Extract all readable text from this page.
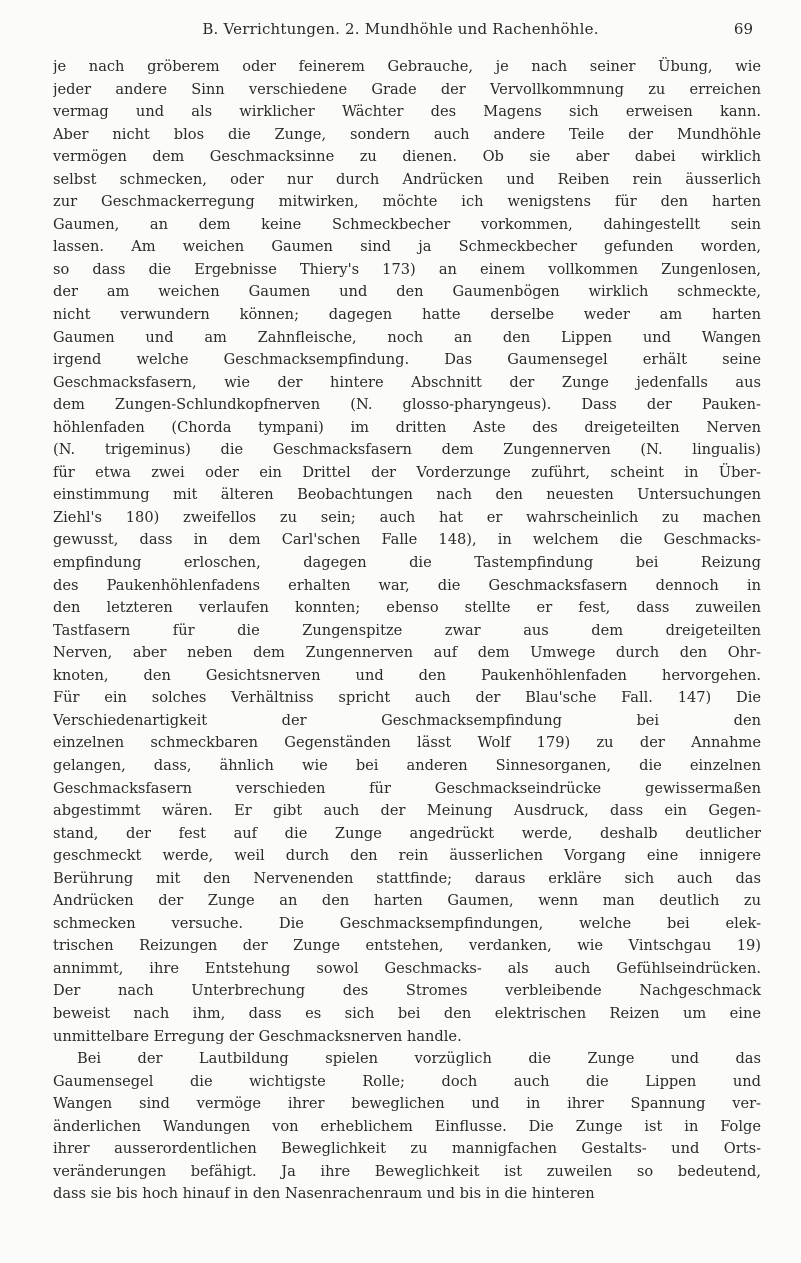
B. Verrichtungen. 2. Mundhöhle und Rachenhöhle.	69
je nach gröberem oder feinerem Gebrauche, je nach seiner Übung, wie
jeder andere Sinn verschiedene Grade der Vervollkommnung zu erreichen
vermag und als wirklicher Wächter des Magens sich erweisen kann.
Aber nicht blos die Zunge, sondern auch andere Teile der Mundhöhle
vermögen dem Geschmacksinne zu dienen. Ob sie aber dabei wirklich
selbst schmecken, oder nur durch Andrücken und Reiben rein äusserlich
zur Geschmackerregung mitwirken, möchte ich wenigstens für den harten
Gaumen, an dem keine Schmeckbecher vorkommen, dahingestellt sein
lassen. Am weichen Gaumen sind ja Schmeckbecher gefunden worden,
so dass die Ergebnisse Thiery's 173) an einem vollkommen Zungenlosen,
der am weichen Gaumen und den Gaumenbögen wirklich schmeckte,
nicht verwundern können; dagegen hatte derselbe weder am harten
Gaumen und am Zahnfleische, noch an den Lippen und Wangen
irgend welche Geschmacksempfindung. Das Gaumensegel erhält seine
Geschmacksfasern, wie der hintere Abschnitt der Zunge jedenfalls aus
dem Zungen-Schlundkopfnerven (N. glosso-pharyngeus). Dass der Pauken-
höhlenfaden (Chorda tympani) im dritten Aste des dreigeteilten Nerven
(N. trigeminus) die Geschmacksfasern dem Zungennerven (N. lingualis)
für etwa zwei oder ein Drittel der Vorderzunge zuführt, scheint in Über-
einstimmung mit älteren Beobachtungen nach den neuesten Untersuchungen
Ziehl's 180) zweifellos zu sein; auch hat er wahrscheinlich zu machen
gewusst, dass in dem Carl'schen Falle 148), in welchem die Geschmacks-
empfindung erloschen, dagegen die Tastempfindung bei Reizung
des Paukenhöhlenfadens erhalten war, die Geschmacksfasern dennoch in
den letzteren verlaufen konnten; ebenso stellte er fest, dass zuweilen
Tastfasern für die Zungenspitze zwar aus dem dreigeteilten
Nerven, aber neben dem Zungennerven auf dem Umwege durch den Ohr-
knoten, den Gesichtsnerven und den Paukenhöhlenfaden hervorgehen.
Für ein solches Verhältniss spricht auch der Blau'sche Fall. 147) Die
Verschiedenartigkeit der Geschmacksempfindung bei den
einzelnen schmeckbaren Gegenständen lässt Wolf 179) zu der Annahme
gelangen, dass, ähnlich wie bei anderen Sinnesorganen, die einzelnen
Geschmacksfasern verschieden für Geschmackseindrücke gewissermaßen
abgestimmt wären. Er gibt auch der Meinung Ausdruck, dass ein Gegen-
stand, der fest auf die Zunge angedrückt werde, deshalb deutlicher
geschmeckt werde, weil durch den rein äusserlichen Vorgang eine innigere
Berührung mit den Nervenenden stattfinde; daraus erkläre sich auch das
Andrücken der Zunge an den harten Gaumen, wenn man deutlich zu
schmecken versuche. Die Geschmacksempfindungen, welche bei elek-
trischen Reizungen der Zunge entstehen, verdanken, wie Vintschgau 19)
annimmt, ihre Entstehung sowol Geschmacks- als auch Gefühlseindrücken.
Der nach Unterbrechung des Stromes verbleibende Nachgeschmack
beweist nach ihm, dass es sich bei den elektrischen Reizen um eine
unmittelbare Erregung der Geschmacksnerven handle.
Bei der Lautbildung spielen vorzüglich die Zunge und das
Gaumensegel die wichtigste Rolle; doch auch die Lippen und
Wangen sind vermöge ihrer beweglichen und in ihrer Spannung ver-
änderlichen Wandungen von erheblichem Einflusse. Die Zunge ist in Folge
ihrer ausserordentlichen Beweglichkeit zu mannigfachen Gestalts- und Orts-
veränderungen befähigt. Ja ihre Beweglichkeit ist zuweilen so bedeutend,
dass sie bis hoch hinauf in den Nasenrachenraum und bis in die hinteren
